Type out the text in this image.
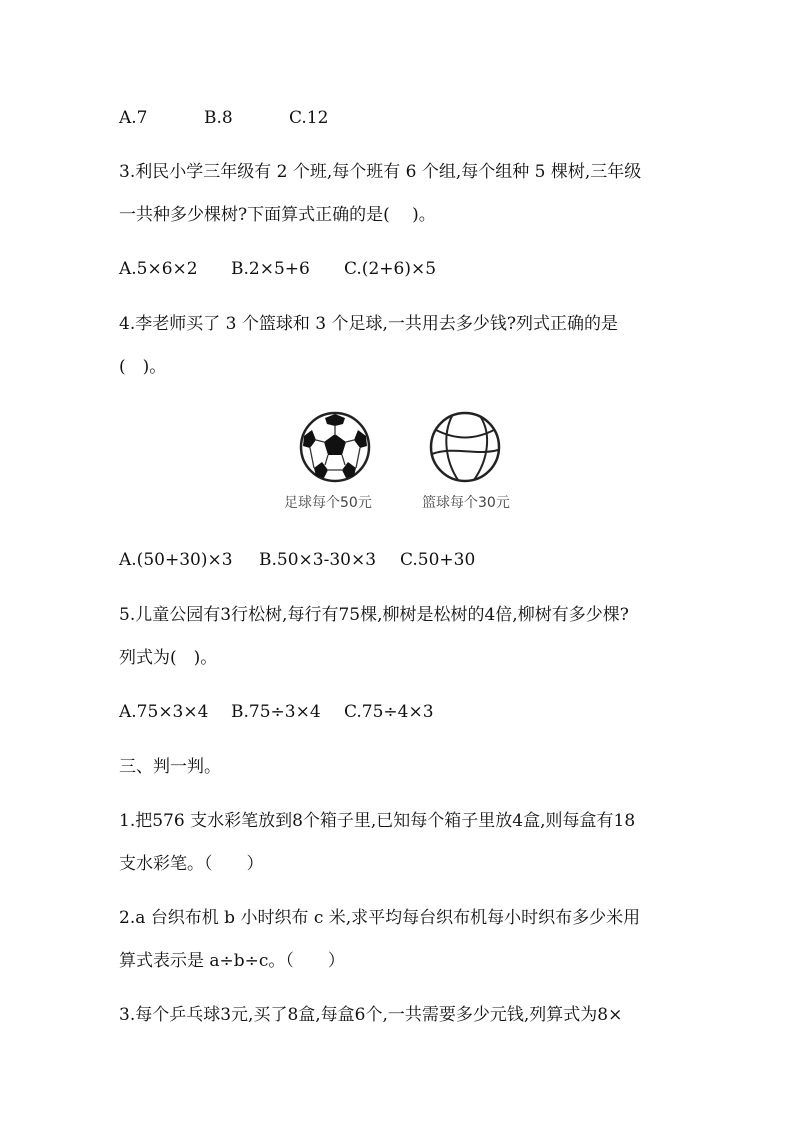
A.7	B.8	C.12
3.利民小学三年级有 2 个班,每个班有 6 个组,每个组种 5 棵树,三年级
一共种多少棵树?下面算式正确的是(　 )。
A.5×6×2 B.2×5+6 C.(2+6)×5
4.李老师买了 3 个篮球和 3 个足球,一共用去多少钱?列式正确的是
(　)。
足球每个50元	篮球每个30元
A.(50+30)×3 B.50×3-30×3 C.50+30
5.儿童公园有3行松树,每行有75棵,柳树是松树的4倍,柳树有多少棵?
列式为(　)。
A.75×3×4 B.75÷3×4 C.75÷4×3
三、判一判。
1.把576 支水彩笔放到8个箱子里,已知每个箱子里放4盒,则每盒有18
支水彩笔。（　　）
2.a 台织布机 b 小时织布 c 米,求平均每台织布机每小时织布多少米用
算式表示是 a÷b÷c。（　　）
3.每个乒乓球3元,买了8盒,每盒6个,一共需要多少元钱,列算式为8×
